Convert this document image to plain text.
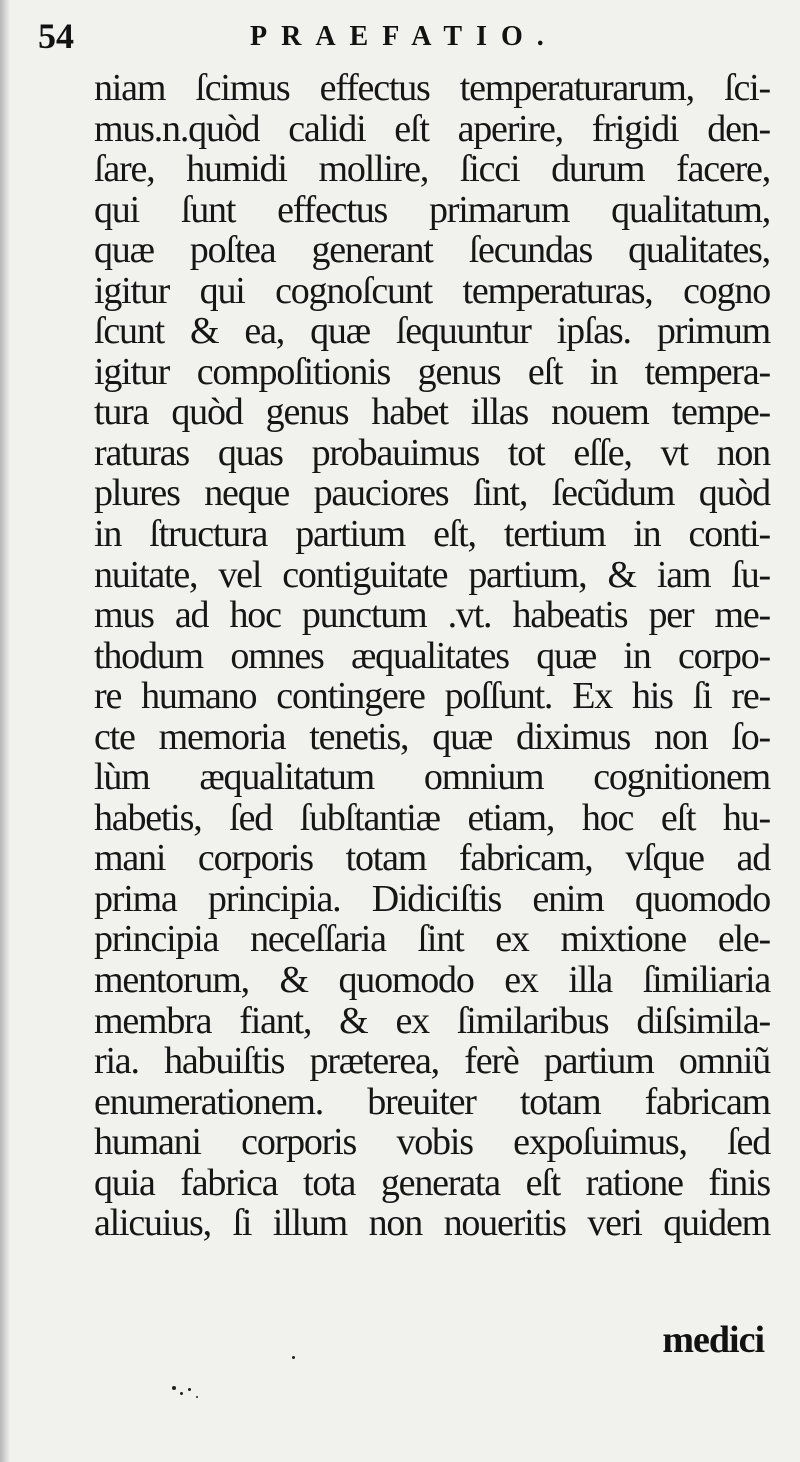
54	PRAEFATIO.
niam ſcimus effectus temperaturarum, ſci-
mus.n.quòd calidi eſt aperire, frigidi den-
ſare, humidi mollire, ſicci durum facere,
qui ſunt effectus primarum qualitatum,
quæ poſtea generant ſecundas qualitates,
igitur qui cognoſcunt temperaturas, cogno
ſcunt & ea, quæ ſequuntur ipſas. primum
igitur compoſitionis genus eſt in tempera-
tura quòd genus habet illas nouem tempe-
raturas quas probauimus tot eſſe, vt non
plures neque pauciores ſint, ſecũdum quòd
in ſtructura partium eſt, tertium in conti-
nuitate, vel contiguitate partium, & iam ſu-
mus ad hoc punctum .vt. habeatis per me-
thodum omnes æqualitates quæ in corpo-
re humano contingere poſſunt. Ex his ſi re-
cte memoria tenetis, quæ diximus non ſo-
lùm æqualitatum omnium cognitionem
habetis, ſed ſubſtantiæ etiam, hoc eſt hu-
mani corporis totam fabricam, vſque ad
prima principia. Didiciſtis enim quomodo
principia neceſſaria ſint ex mixtione ele-
mentorum, & quomodo ex illa ſimiliaria
membra fiant, & ex ſimilaribus diſsimila-
ria. habuiſtis præterea, ferè partium omniũ
enumerationem. breuiter totam fabricam
humani corporis vobis expoſuimus, ſed
quia fabrica tota generata eſt ratione finis
alicuius, ſi illum non noueritis veri quidem
medici
